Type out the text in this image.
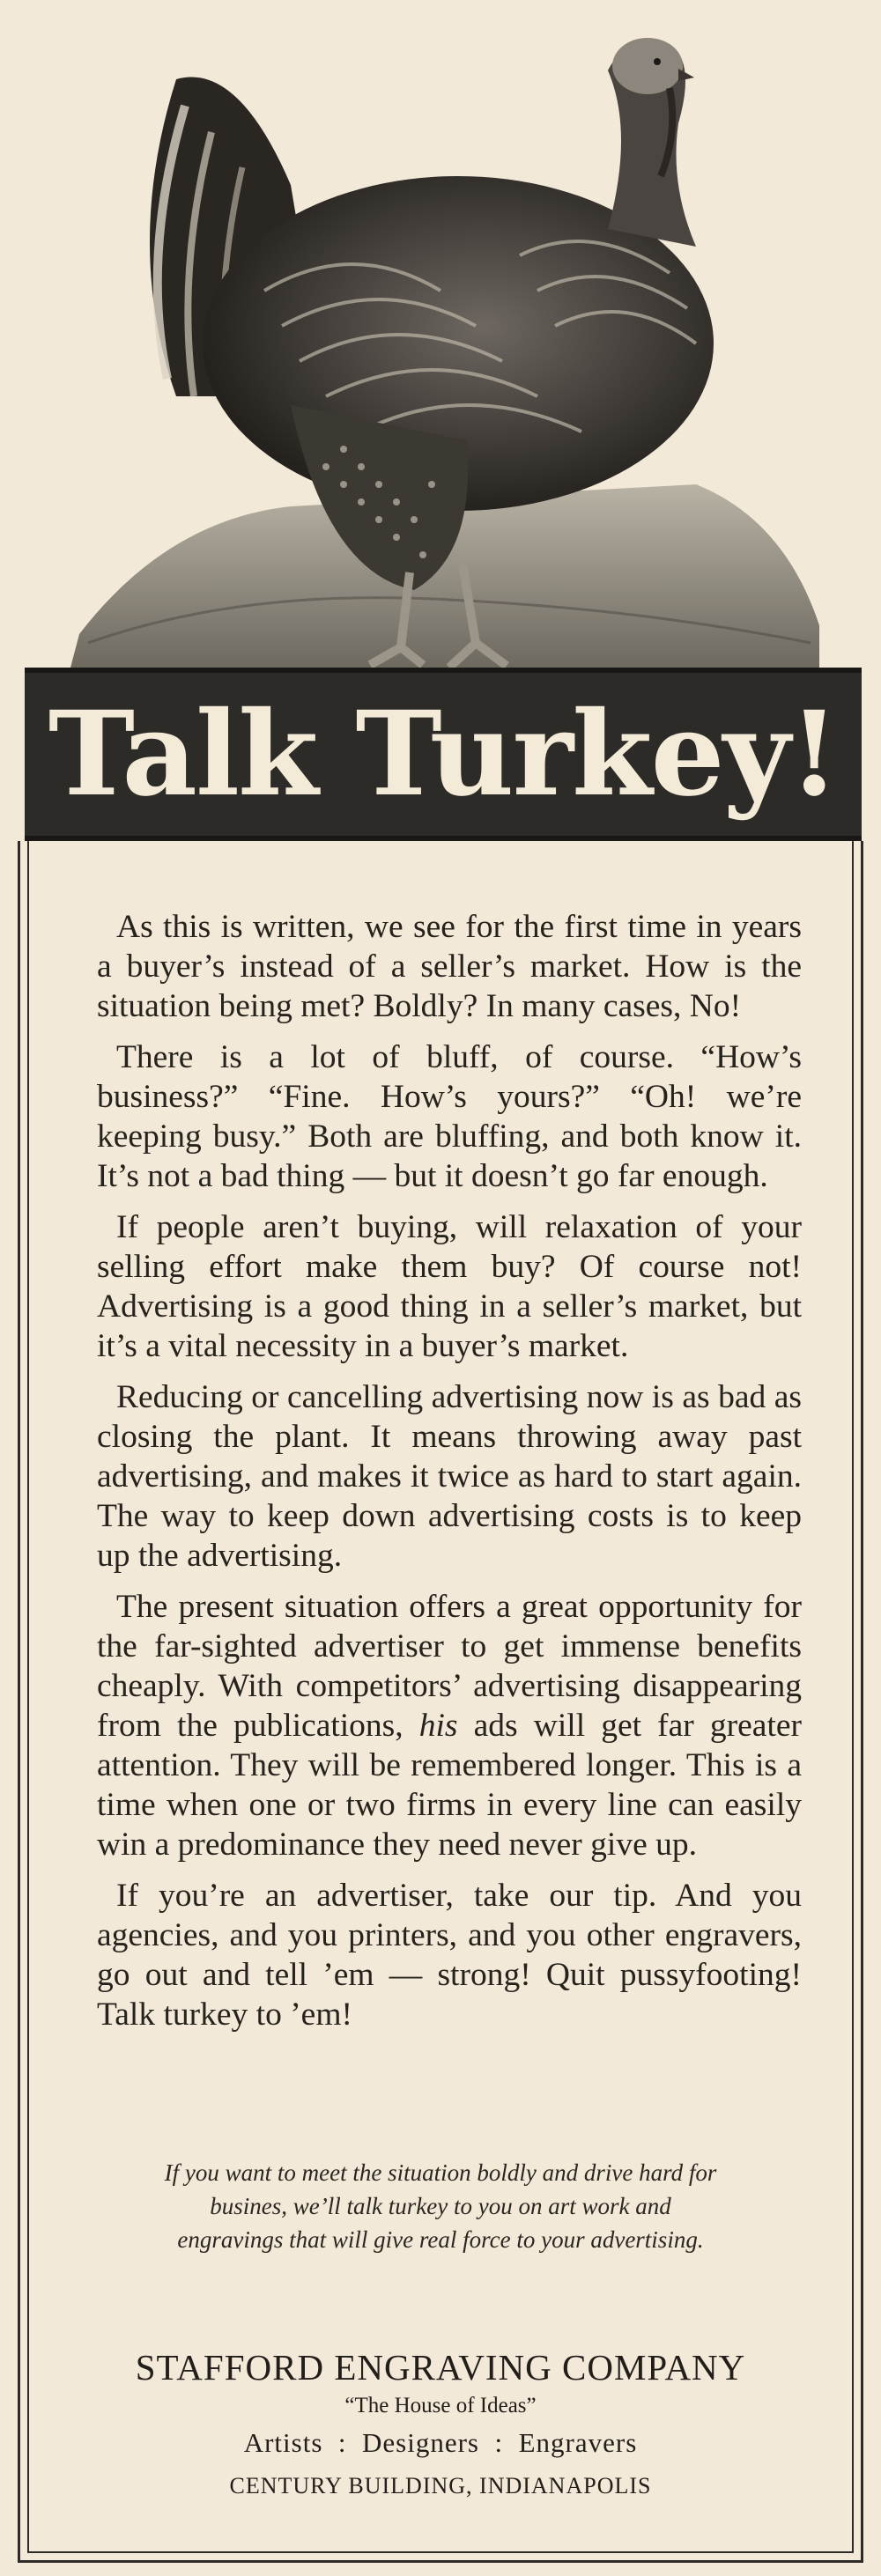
Talk Turkey!

As this is written, we see for the first time in years a buyer’s instead of a seller’s market. How is the situation being met? Boldly? In many cases, No!

There is a lot of bluff, of course. “How’s business?” “Fine. How’s yours?” “Oh! we’re keeping busy.” Both are bluffing, and both know it. It’s not a bad thing — but it doesn’t go far enough.

If people aren’t buying, will relaxation of your selling effort make them buy? Of course not! Advertising is a good thing in a seller’s market, but it’s a vital necessity in a buyer’s market.

Reducing or cancelling advertising now is as bad as closing the plant. It means throwing away past advertising, and makes it twice as hard to start again. The way to keep down advertising costs is to keep up the advertising.

The present situation offers a great opportunity for the far-sighted advertiser to get immense benefits cheaply. With competitors’ advertising disappearing from the publications, his ads will get far greater attention. They will be remembered longer. This is a time when one or two firms in every line can easily win a predominance they need never give up.

If you’re an advertiser, take our tip. And you agencies, and you printers, and you other engravers, go out and tell ’em — strong! Quit pussyfooting! Talk turkey to ’em!

If you want to meet the situation boldly and drive hard for busines, we’ll talk turkey to you on art work and engravings that will give real force to your advertising.
STAFFORD ENGRAVING COMPANY
“The House of Ideas”
Artists  :  Designers  :  Engravers
CENTURY BUILDING, INDIANAPOLIS
